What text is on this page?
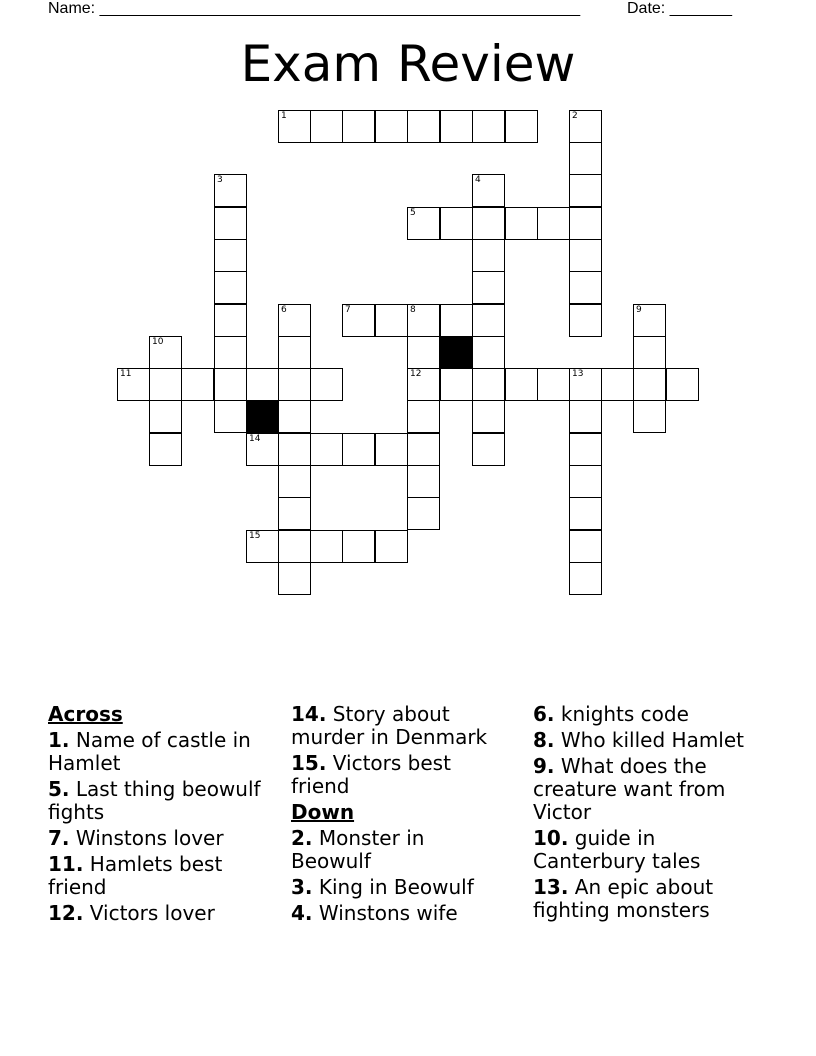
Name: ______________________________________________________	Date: _______
Exam Review
1	2
3	4
5
6	7	8	9
10
11	12	13
14
15
Across
1. Name of castle in Hamlet
5. Last thing beowulf fights
7. Winstons lover
11. Hamlets best friend
12. Victors lover
14. Story about murder in Denmark
15. Victors best friend
Down
2. Monster in Beowulf
3. King in Beowulf
4. Winstons wife
6. knights code
8. Who killed Hamlet
9. What does the creature want from Victor
10. guide in Canterbury tales
13. An epic about fighting monsters
